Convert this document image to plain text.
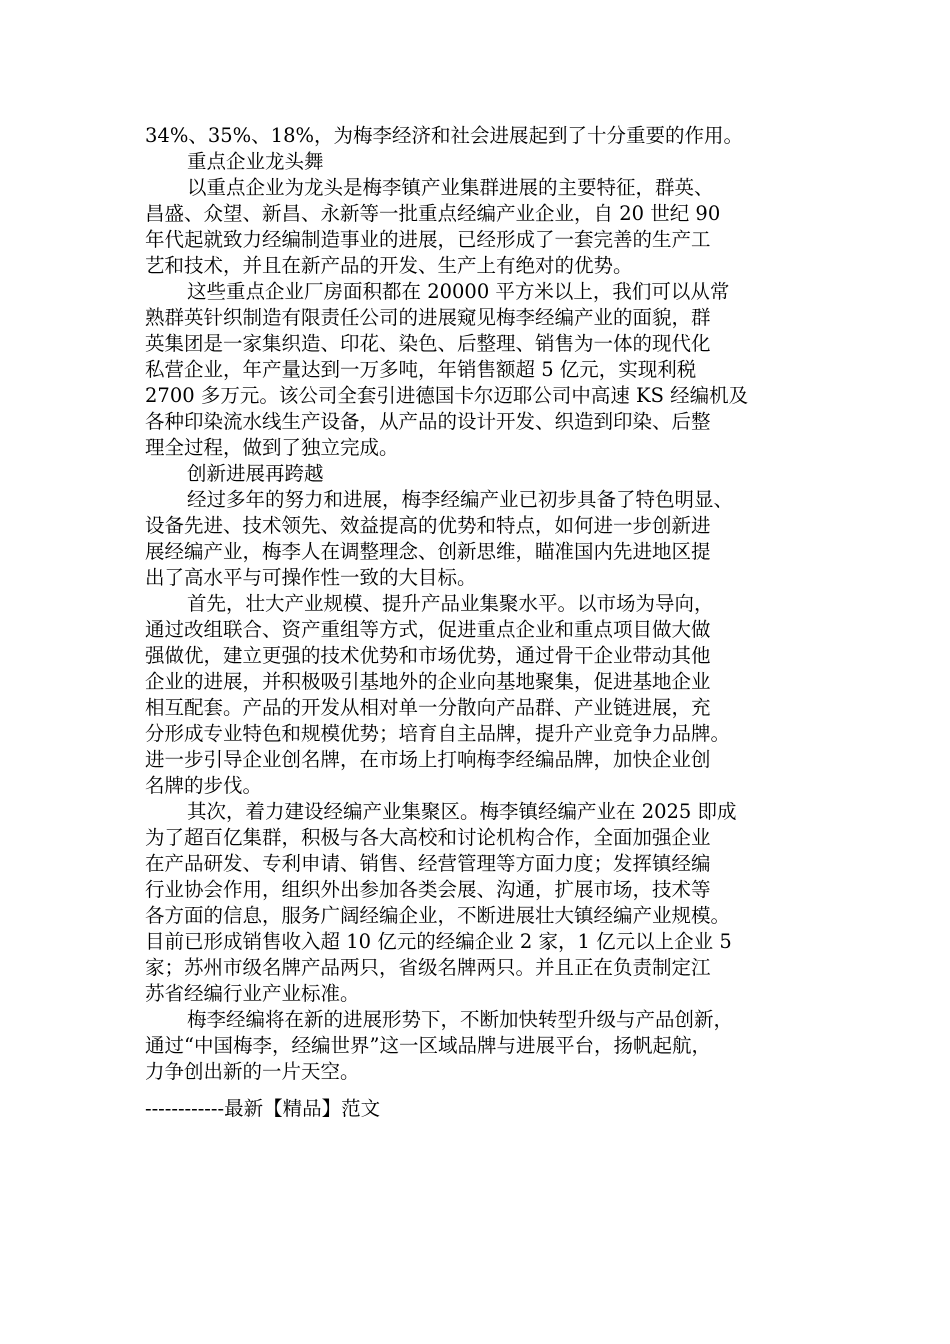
34%、35%、18%，为梅李经济和社会进展起到了十分重要的作用。
重点企业龙头舞
以重点企业为龙头是梅李镇产业集群进展的主要特征，群英、
昌盛、众望、新昌、永新等一批重点经编产业企业，自 20 世纪 90
年代起就致力经编制造事业的进展，已经形成了一套完善的生产工
艺和技术，并且在新产品的开发、生产上有绝对的优势。
这些重点企业厂房面积都在 20000 平方米以上，我们可以从常
熟群英针织制造有限责任公司的进展窥见梅李经编产业的面貌，群
英集团是一家集织造、印花、染色、后整理、销售为一体的现代化
私营企业，年产量达到一万多吨，年销售额超 5 亿元，实现利税
2700 多万元。该公司全套引进德国卡尔迈耶公司中高速 KS 经编机及
各种印染流水线生产设备，从产品的设计开发、织造到印染、后整
理全过程，做到了独立完成。
创新进展再跨越
经过多年的努力和进展，梅李经编产业已初步具备了特色明显、
设备先进、技术领先、效益提高的优势和特点，如何进一步创新进
展经编产业，梅李人在调整理念、创新思维，瞄准国内先进地区提
出了高水平与可操作性一致的大目标。
首先，壮大产业规模、提升产品业集聚水平。以市场为导向，
通过改组联合、资产重组等方式，促进重点企业和重点项目做大做
强做优，建立更强的技术优势和市场优势，通过骨干企业带动其他
企业的进展，并积极吸引基地外的企业向基地聚集，促进基地企业
相互配套。产品的开发从相对单一分散向产品群、产业链进展，充
分形成专业特色和规模优势；培育自主品牌，提升产业竞争力品牌。
进一步引导企业创名牌，在市场上打响梅李经编品牌，加快企业创
名牌的步伐。
其次，着力建设经编产业集聚区。梅李镇经编产业在 2025 即成
为了超百亿集群，积极与各大高校和讨论机构合作，全面加强企业
在产品研发、专利申请、销售、经营管理等方面力度；发挥镇经编
行业协会作用，组织外出参加各类会展、沟通，扩展市场，技术等
各方面的信息，服务广阔经编企业，不断进展壮大镇经编产业规模。
目前已形成销售收入超 10 亿元的经编企业 2 家，1 亿元以上企业 5
家；苏州市级名牌产品两只，省级名牌两只。并且正在负责制定江
苏省经编行业产业标准。
梅李经编将在新的进展形势下，不断加快转型升级与产品创新，
通过“中国梅李，经编世界”这一区域品牌与进展平台，扬帆起航，
力争创出新的一片天空。
------------最新【精品】范文
